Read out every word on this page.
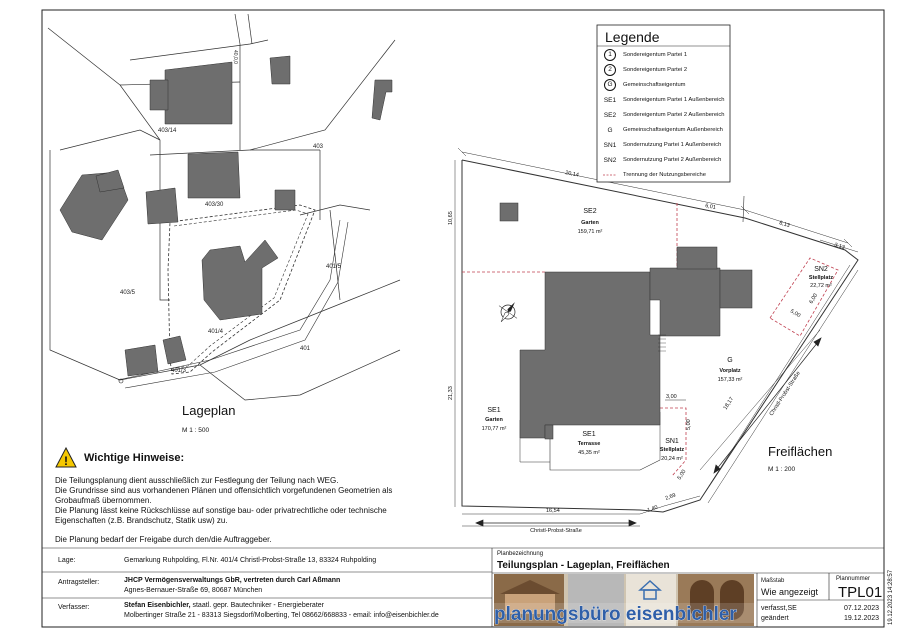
403/14
403
403/30
403/5
401/4
401/5
401
401/3
40,0,0
Lageplan
M 1 : 500
SE2
Garten
159,71 m²
SE1
Garten
170,77 m²
SE1
Terrasse
45,35 m²
SN1
Stellplatz
20,24 m²
SN2
Stellplatz
22,72 m²
G
Vorplatz
157,33 m²
20,14
6,01
8,13
3,13
10,65
21,33
16,54	1,40
2,69
3,00
5,00
6,00
5,00
18,17
5,00
Christl-Probst-Straße
Christl-Probst-Straße
Freiflächen
M 1 : 200
Legende
!
planungsbüro eisenbichler
1	Sondereigentum Partei 1
2	Sondereigentum Partei 2
G	Gemeinschaftseigentum
SE1	Sondereigentum Partei 1 Außenbereich
SE2	Sondereigentum Partei 2 Außenbereich
G	Gemeinschaftseigentum Außenbereich
SN1	Sondernutzung Partei 1 Außenbereich
SN2	Sondernutzung Partei 2 Außenbereich
Trennung der Nutzungsbereiche
Wichtige Hinweise:
Die Teilungsplanung dient ausschließlich zur Festlegung der Teilung nach WEG.
Die Grundrisse sind aus vorhandenen Plänen und offensichtlich vorgefundenen Geometrien als
Grobaufmaß übernommen.
Die Planung lässt keine Rückschlüsse auf sonstige bau- oder privatrechtliche oder technische
Eigenschaften (z.B. Brandschutz, Statik usw) zu.
Die Planung bedarf der Freigabe durch den/die Auftraggeber.
Lage:	Gemarkung Ruhpolding, Fl.Nr. 401/4 Christl-Probst-Straße 13, 83324 Ruhpolding
Antragsteller:	JHCP Vermögensverwaltungs GbR, vertreten durch Carl Aßmann
Agnes-Bernauer-Straße 69, 80687 München
Verfasser:	Stefan Eisenbichler, staatl. gepr. Bautechniker - Energieberater
Molbertinger Straße 21 - 83313 Siegsdorf/Molberting, Tel 08662/668833 - email: info@eisenbichler.de
Planbezeichnung
Teilungsplan - Lageplan, Freiflächen
Maßstab
Wie angezeigt
Plannummer
TPL01
verfasst,SE	07.12.2023
geändert	19.12.2023 19.12.2023 14:28:57
